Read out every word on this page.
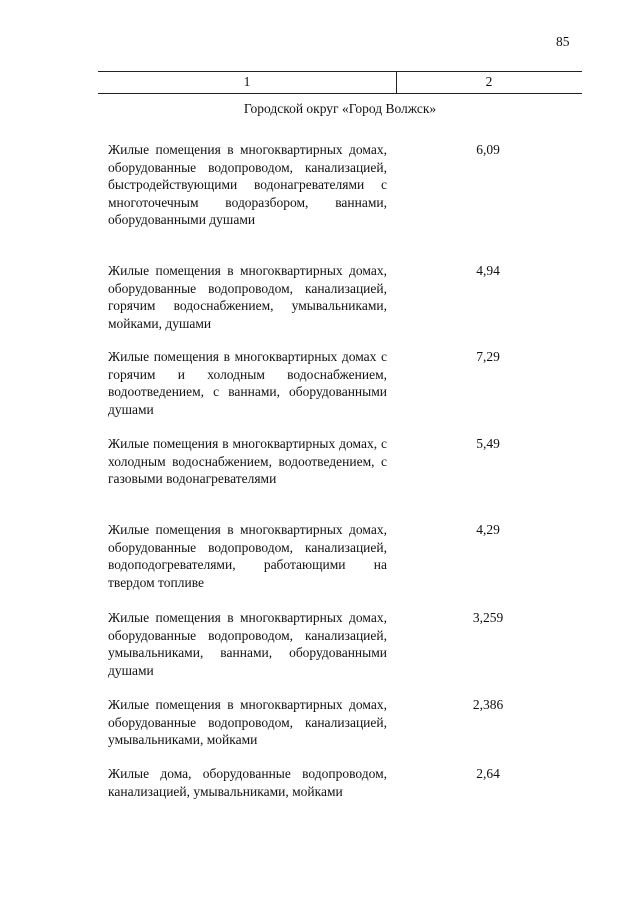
85
1	2
Городской округ «Город Волжск»
Жилые помещения в многоквартирных домах, оборудованные водопроводом, канализацией, быстродействующими водонагревателями с многоточечным водоразбором, ваннами, оборудованными душами
6,09
Жилые помещения в многоквартирных домах, оборудованные водопроводом, канализацией, горячим водоснабжением, умывальниками, мойками, душами
4,94
Жилые помещения в многоквартирных домах с горячим и холодным водоснабжением, водоотведением, с ваннами, оборудованными душами
7,29
Жилые помещения в многоквартирных домах, с холодным водоснабжением, водоотведением, с газовыми водонагревателями
5,49
Жилые помещения в многоквартирных домах, оборудованные водопроводом, канализацией, водоподогревателями, работающими на твердом топливе
4,29
Жилые помещения в многоквартирных домах, оборудованные водопроводом, канализацией, умывальниками, ваннами, оборудованными душами
3,259
Жилые помещения в многоквартирных домах, оборудованные водопроводом, канализацией, умывальниками, мойками
2,386
Жилые дома, оборудованные водопроводом, канализацией, умывальниками, мойками
2,64
